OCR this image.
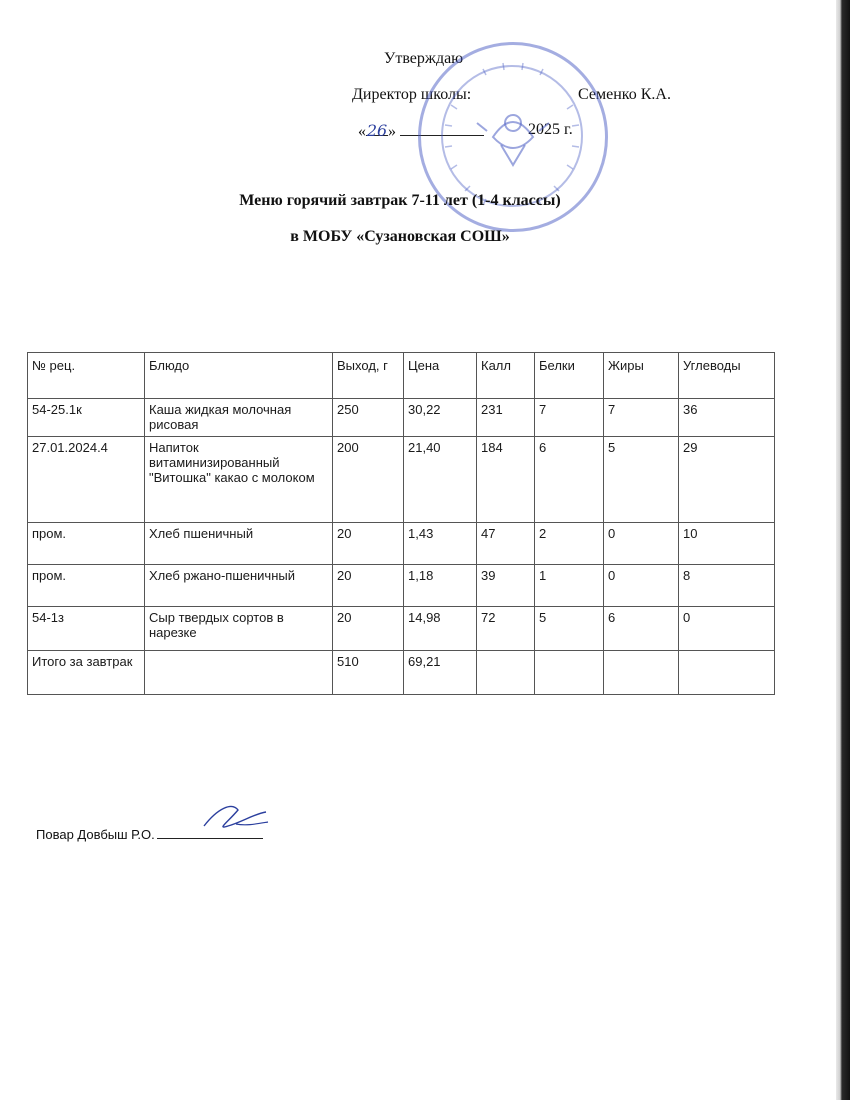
Утверждаю
Директор школы:	Семенко К.А.
«26»	2025 г.
Меню горячий завтрак 7-11 лет (1-4 классы)
в МОБУ «Сузановская СОШ»
№ рец.	Блюдо	Выход, г	Цена	Калл	Белки	Жиры	Углеводы
54-25.1к	Каша жидкая молочная рисовая	250	30,22	231	7	7	36
27.01.2024.4	Напиток витаминизированный "Витошка" какао с молоком	200	21,40	184	6	5	29
пром.	Хлеб пшеничный	20	1,43	47	2	0	10
пром.	Хлеб ржано-пшеничный	20	1,18	39	1	0	8
54-1з	Сыр твердых сортов в нарезке	20	14,98	72	5	6	0
Итого за завтрак		510	69,21				
Повар Довбыш Р.О.
